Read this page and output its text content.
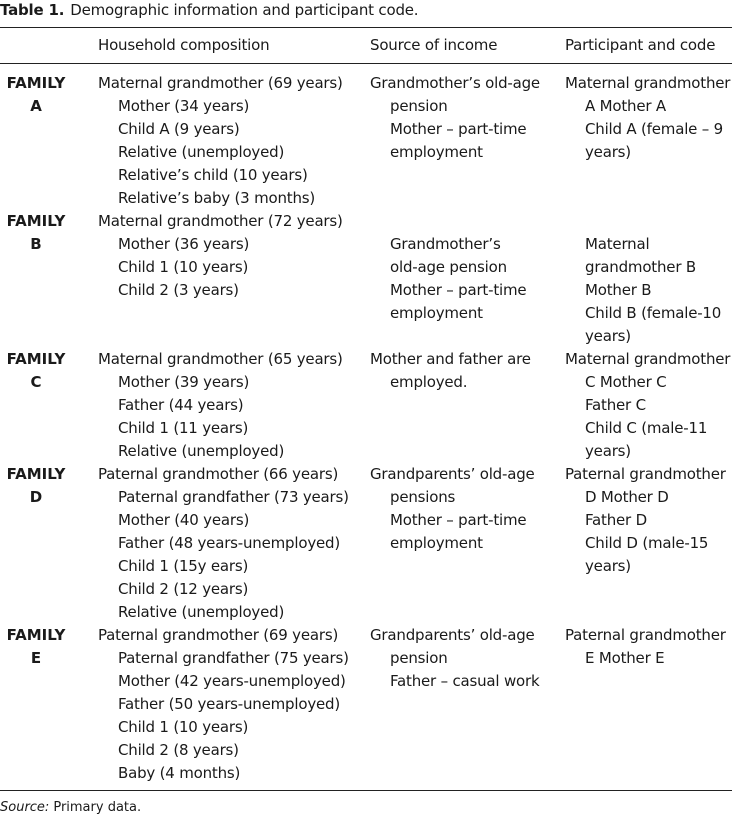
Table 1. Demographic information and participant code.
Household composition	Source of income	Participant and code
FAMILY
A
Maternal grandmother (69 years)
Mother (34 years)
Child A (9 years)
Relative (unemployed)
Relative’s child (10 years)
Relative’s baby (3 months)
Grandmother’s old-age
pension
Mother – part-time
employment
Maternal grandmother
A Mother A
Child A (female – 9
years)
FAMILY
B
Maternal grandmother (72 years)
Mother (36 years)
Child 1 (10 years)
Child 2 (3 years)
Grandmother’s
old-age pension
Mother – part-time
employment
Maternal
grandmother B
Mother B
Child B (female-10
years)
FAMILY
C
Maternal grandmother (65 years)
Mother (39 years)
Father (44 years)
Child 1 (11 years)
Relative (unemployed)
Mother and father are
employed.
Maternal grandmother
C Mother C
Father C
Child C (male-11
years)
FAMILY
D
Paternal grandmother (66 years)
Paternal grandfather (73 years)
Mother (40 years)
Father (48 years-unemployed)
Child 1 (15y ears)
Child 2 (12 years)
Relative (unemployed)
Grandparents’ old-age
pensions
Mother – part-time
employment
Paternal grandmother
D Mother D
Father D
Child D (male-15
years)
FAMILY
E
Paternal grandmother (69 years)
Paternal grandfather (75 years)
Mother (42 years-unemployed)
Father (50 years-unemployed)
Child 1 (10 years)
Child 2 (8 years)
Baby (4 months)
Grandparents’ old-age
pension
Father – casual work
Paternal grandmother
E Mother E
Source: Primary data.
